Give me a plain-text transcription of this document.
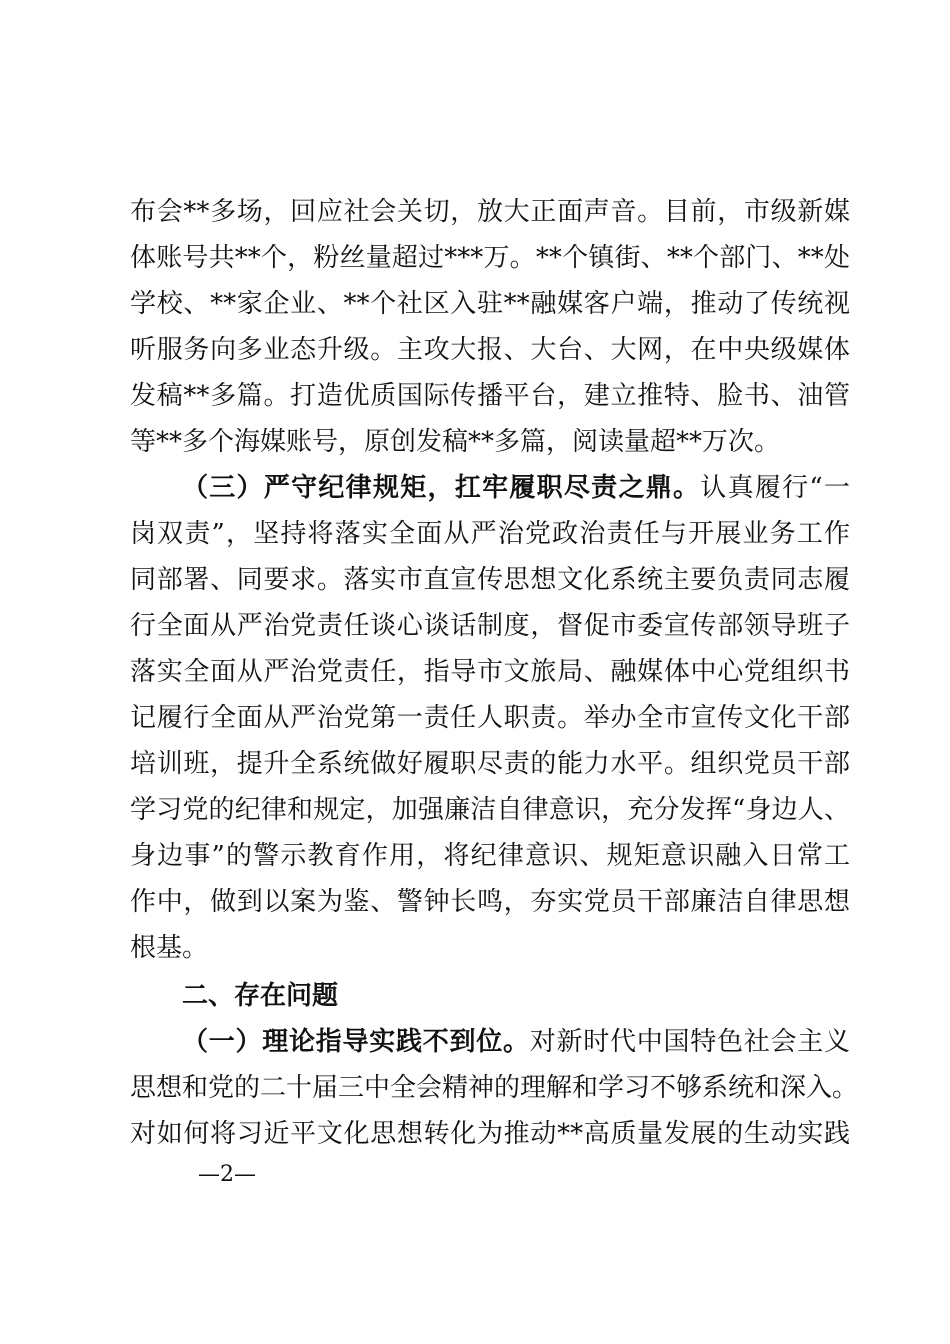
布会**多场，回应社会关切，放大正面声音。目前，市级新媒
体账号共**个，粉丝量超过***万。**个镇街、**个部门、**处
学校、**家企业、**个社区入驻**融媒客户端，推动了传统视
听服务向多业态升级。主攻大报、大台、大网，在中央级媒体
发稿**多篇。打造优质国际传播平台，建立推特、脸书、油管
等**多个海媒账号，原创发稿**多篇，阅读量超**万次。
（三）严守纪律规矩，扛牢履职尽责之鼎。认真履行“一
岗双责”，坚持将落实全面从严治党政治责任与开展业务工作
同部署、同要求。落实市直宣传思想文化系统主要负责同志履
行全面从严治党责任谈心谈话制度，督促市委宣传部领导班子
落实全面从严治党责任，指导市文旅局、融媒体中心党组织书
记履行全面从严治党第一责任人职责。举办全市宣传文化干部
培训班，提升全系统做好履职尽责的能力水平。组织党员干部
学习党的纪律和规定，加强廉洁自律意识，充分发挥“身边人、
身边事”的警示教育作用，将纪律意识、规矩意识融入日常工
作中，做到以案为鉴、警钟长鸣，夯实党员干部廉洁自律思想
根基。
二、存在问题
（一）理论指导实践不到位。对新时代中国特色社会主义
思想和党的二十届三中全会精神的理解和学习不够系统和深入。
对如何将习近平文化思想转化为推动**高质量发展的生动实践
—2—
